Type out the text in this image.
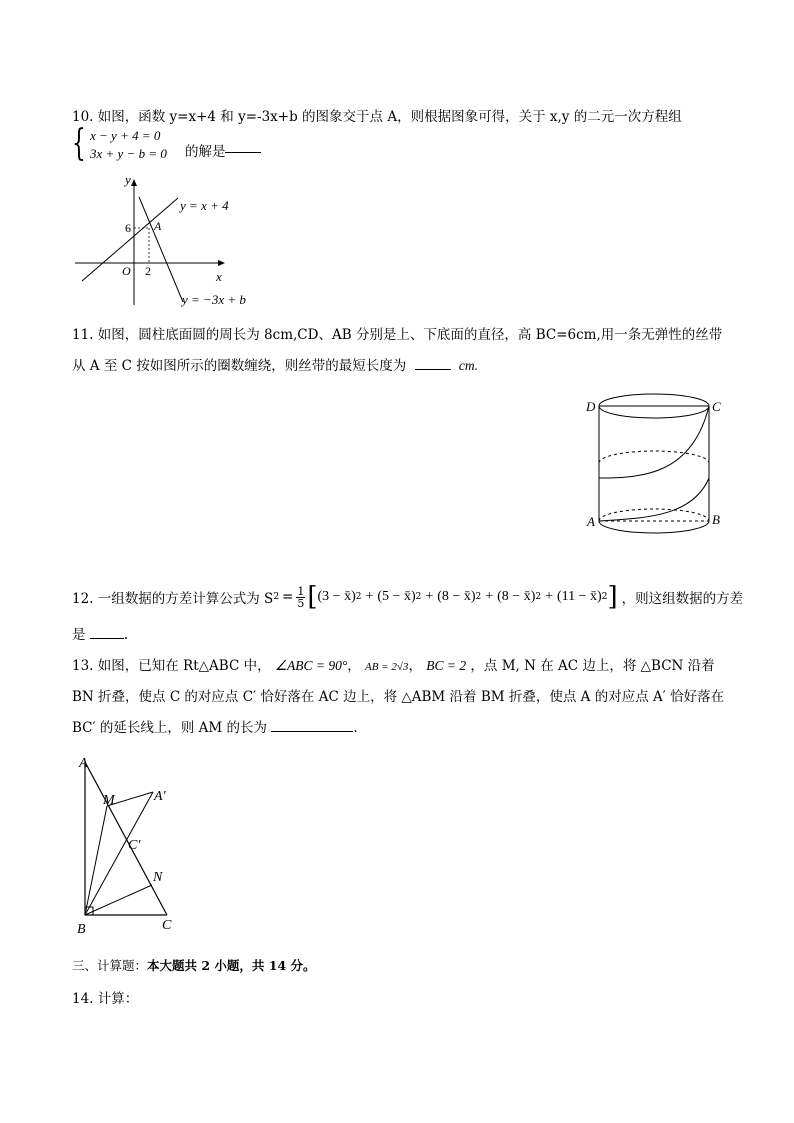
10. 如图，函数 y=x+4 和 y=-3x+b 的图象交于点 A，则根据图象可得，关于 x,y 的二元一次方程组
{ x − y + 4 = 0
3x + y − b = 0 的解是
y
x
O
6
2
A
y = x + 4
y = −3x + b
11. 如图，圆柱底面圆的周长为 8cm,CD、AB 分别是上、下底面的直径，高 BC=6cm,用一条无弹性的丝带
从 A 至 C 按如图所示的圈数缠绕，则丝带的最短长度为	cm.
D	C
A	B
12. 一组数据的方差计算公式为 S $2 = \frac{1}{5}$ [ (3 − x̄) 2 + (5 − x̄) 2 + (8 − x̄) 2 + (8 − x̄) 2 + (11 − x̄) 2 ] ，则这组数据的方差
是	.
13. 如图，已知在 Rt△ABC 中， ∠ABC = 90°， AB = 2√3， BC = 2 ，点 M, N 在 AC 边上，将 △BCN 沿着
BN 折叠，使点 C 的对应点 C′ 恰好落在 AC 边上，将 △ABM 沿着 BM 折叠，使点 A 的对应点 A′ 恰好落在
BC′ 的延长线上，则 AM 的长为	.
A
M	A′
C′
N
B	C
三、计算题：本大题共 2 小题，共 14 分。
14. 计算：
